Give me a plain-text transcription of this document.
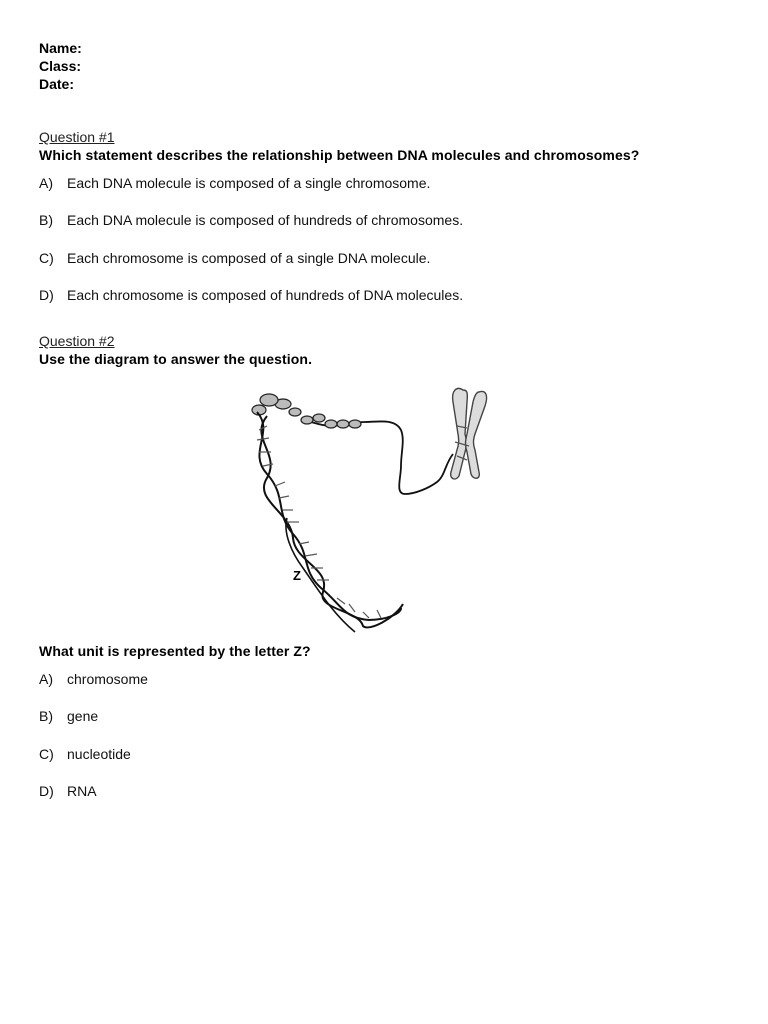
Name:
Class:
Date:
Question #1
Which statement describes the relationship between DNA molecules and chromosomes?
A) Each DNA molecule is composed of a single chromosome.
B) Each DNA molecule is composed of hundreds of chromosomes.
C) Each chromosome is composed of a single DNA molecule.
D) Each chromosome is composed of hundreds of DNA molecules.
Question #2
Use the diagram to answer the question.
What unit is represented by the letter Z?
A) chromosome
B) gene
C) nucleotide
D) RNA
Z
